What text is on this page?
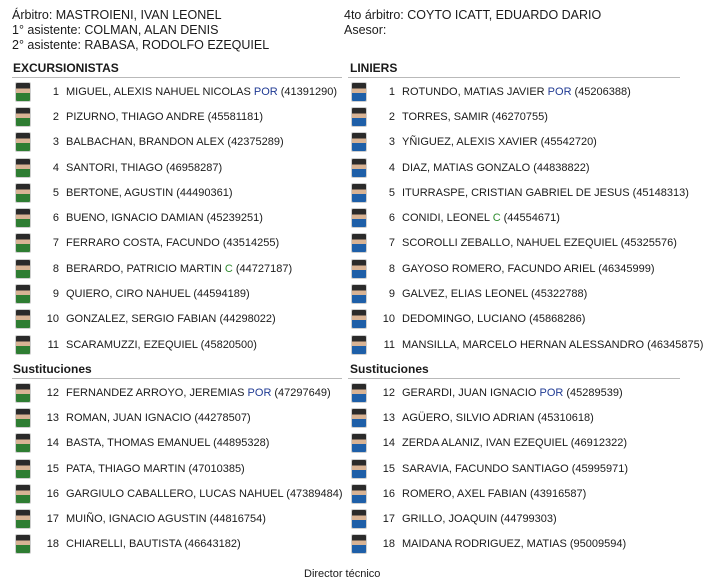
Árbitro: MASTROIENI, IVAN LEONEL
1° asistente: COLMAN, ALAN DENIS
2° asistente: RABASA, RODOLFO EZEQUIEL
4to árbitro: COYTO ICATT, EDUARDO DARIO
Asesor:
EXCURSIONISTAS
1 MIGUEL, ALEXIS NAHUEL NICOLAS POR (41391290)
2 PIZURNO, THIAGO ANDRE (45581181)
3 BALBACHAN, BRANDON ALEX (42375289)
4 SANTORI, THIAGO (46958287)
5 BERTONE, AGUSTIN (44490361)
6 BUENO, IGNACIO DAMIAN (45239251)
7 FERRARO COSTA, FACUNDO (43514255)
8 BERARDO, PATRICIO MARTIN C (44727187)
9 QUIERO, CIRO NAHUEL (44594189)
10 GONZALEZ, SERGIO FABIAN (44298022)
11 SCARAMUZZI, EZEQUIEL (45820500)
Sustituciones
12 FERNANDEZ ARROYO, JEREMIAS POR (47297649)
13 ROMAN, JUAN IGNACIO (44278507)
14 BASTA, THOMAS EMANUEL (44895328)
15 PATA, THIAGO MARTIN (47010385)
16 GARGIULO CABALLERO, LUCAS NAHUEL (47389484)
17 MUIÑO, IGNACIO AGUSTIN (44816754)
18 CHIARELLI, BAUTISTA (46643182)
LINIERS
1 ROTUNDO, MATIAS JAVIER POR (45206388)
2 TORRES, SAMIR (46270755)
3 YÑIGUEZ, ALEXIS XAVIER (45542720)
4 DIAZ, MATIAS GONZALO (44838822)
5 ITURRASPE, CRISTIAN GABRIEL DE JESUS (45148313)
6 CONIDI, LEONEL C (44554671)
7 SCOROLLI ZEBALLO, NAHUEL EZEQUIEL (45325576)
8 GAYOSO ROMERO, FACUNDO ARIEL (46345999)
9 GALVEZ, ELIAS LEONEL (45322788)
10 DEDOMINGO, LUCIANO (45868286)
11 MANSILLA, MARCELO HERNAN ALESSANDRO (46345875)
Sustituciones
12 GERARDI, JUAN IGNACIO POR (45289539)
13 AGÜERO, SILVIO ADRIAN (45310618)
14 ZERDA ALANIZ, IVAN EZEQUIEL (46912322)
15 SARAVIA, FACUNDO SANTIAGO (45995971)
16 ROMERO, AXEL FABIAN (43916587)
17 GRILLO, JOAQUIN (44799303)
18 MAIDANA RODRIGUEZ, MATIAS (95009594)
Director técnico
